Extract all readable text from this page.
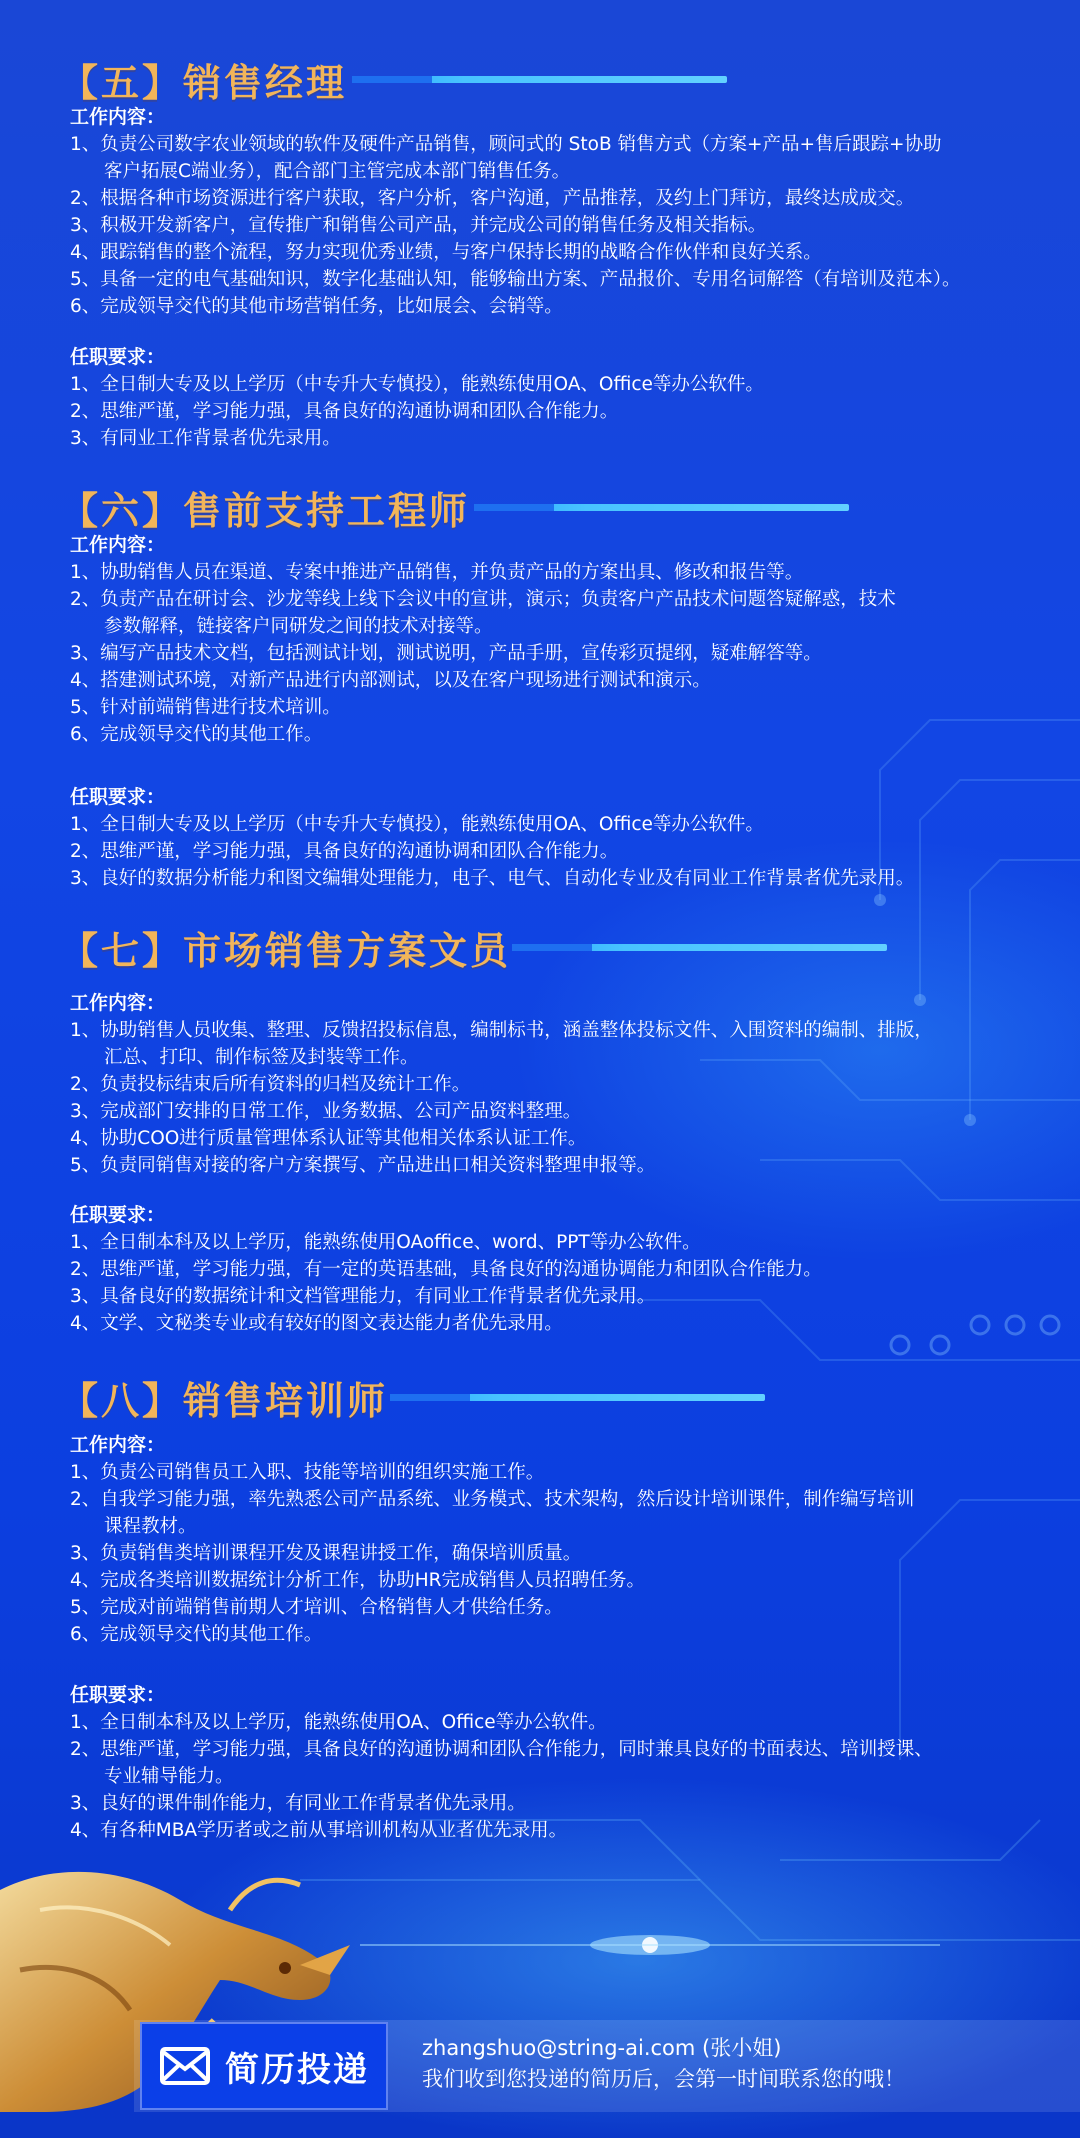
【五】销售经理
工作内容：
1、负责公司数字农业领域的软件及硬件产品销售，顾问式的 StoB 销售方式（方案+产品+售后跟踪+协助
客户拓展C端业务），配合部门主管完成本部门销售任务。
2、根据各种市场资源进行客户获取，客户分析，客户沟通，产品推荐，及约上门拜访，最终达成成交。
3、积极开发新客户，宣传推广和销售公司产品，并完成公司的销售任务及相关指标。
4、跟踪销售的整个流程，努力实现优秀业绩，与客户保持长期的战略合作伙伴和良好关系。
5、具备一定的电气基础知识，数字化基础认知，能够输出方案、产品报价、专用名词解答（有培训及范本）。
6、完成领导交代的其他市场营销任务，比如展会、会销等。
任职要求：
1、全日制大专及以上学历（中专升大专慎投），能熟练使用OA、Office等办公软件。
2、思维严谨，学习能力强，具备良好的沟通协调和团队合作能力。
3、有同业工作背景者优先录用。
【六】售前支持工程师
工作内容：
1、协助销售人员在渠道、专案中推进产品销售，并负责产品的方案出具、修改和报告等。
2、负责产品在研讨会、沙龙等线上线下会议中的宣讲，演示；负责客户产品技术问题答疑解惑，技术
参数解释，链接客户同研发之间的技术对接等。
3、编写产品技术文档，包括测试计划，测试说明，产品手册，宣传彩页提纲，疑难解答等。
4、搭建测试环境，对新产品进行内部测试，以及在客户现场进行测试和演示。
5、针对前端销售进行技术培训。
6、完成领导交代的其他工作。
任职要求：
1、全日制大专及以上学历（中专升大专慎投），能熟练使用OA、Office等办公软件。
2、思维严谨，学习能力强，具备良好的沟通协调和团队合作能力。
3、良好的数据分析能力和图文编辑处理能力，电子、电气、自动化专业及有同业工作背景者优先录用。
【七】市场销售方案文员
工作内容：
1、协助销售人员收集、整理、反馈招投标信息，编制标书，涵盖整体投标文件、入围资料的编制、排版，
汇总、打印、制作标签及封装等工作。
2、负责投标结束后所有资料的归档及统计工作。
3、完成部门安排的日常工作，业务数据、公司产品资料整理。
4、协助COO进行质量管理体系认证等其他相关体系认证工作。
5、负责同销售对接的客户方案撰写、产品进出口相关资料整理申报等。
任职要求：
1、全日制本科及以上学历，能熟练使用OAoffice、word、PPT等办公软件。
2、思维严谨，学习能力强，有一定的英语基础，具备良好的沟通协调能力和团队合作能力。
3、具备良好的数据统计和文档管理能力，有同业工作背景者优先录用。
4、文学、文秘类专业或有较好的图文表达能力者优先录用。
【八】销售培训师
工作内容：
1、负责公司销售员工入职、技能等培训的组织实施工作。
2、自我学习能力强，率先熟悉公司产品系统、业务模式、技术架构，然后设计培训课件，制作编写培训
课程教材。
3、负责销售类培训课程开发及课程讲授工作，确保培训质量。
4、完成各类培训数据统计分析工作，协助HR完成销售人员招聘任务。
5、完成对前端销售前期人才培训、合格销售人才供给任务。
6、完成领导交代的其他工作。
任职要求：
1、全日制本科及以上学历，能熟练使用OA、Office等办公软件。
2、思维严谨，学习能力强，具备良好的沟通协调和团队合作能力，同时兼具良好的书面表达、培训授课、
专业辅导能力。
3、良好的课件制作能力，有同业工作背景者优先录用。
4、有各种MBA学历者或之前从事培训机构从业者优先录用。
简历投递
zhangshuo@string-ai.com (张小姐)
我们收到您投递的简历后，会第一时间联系您的哦！
